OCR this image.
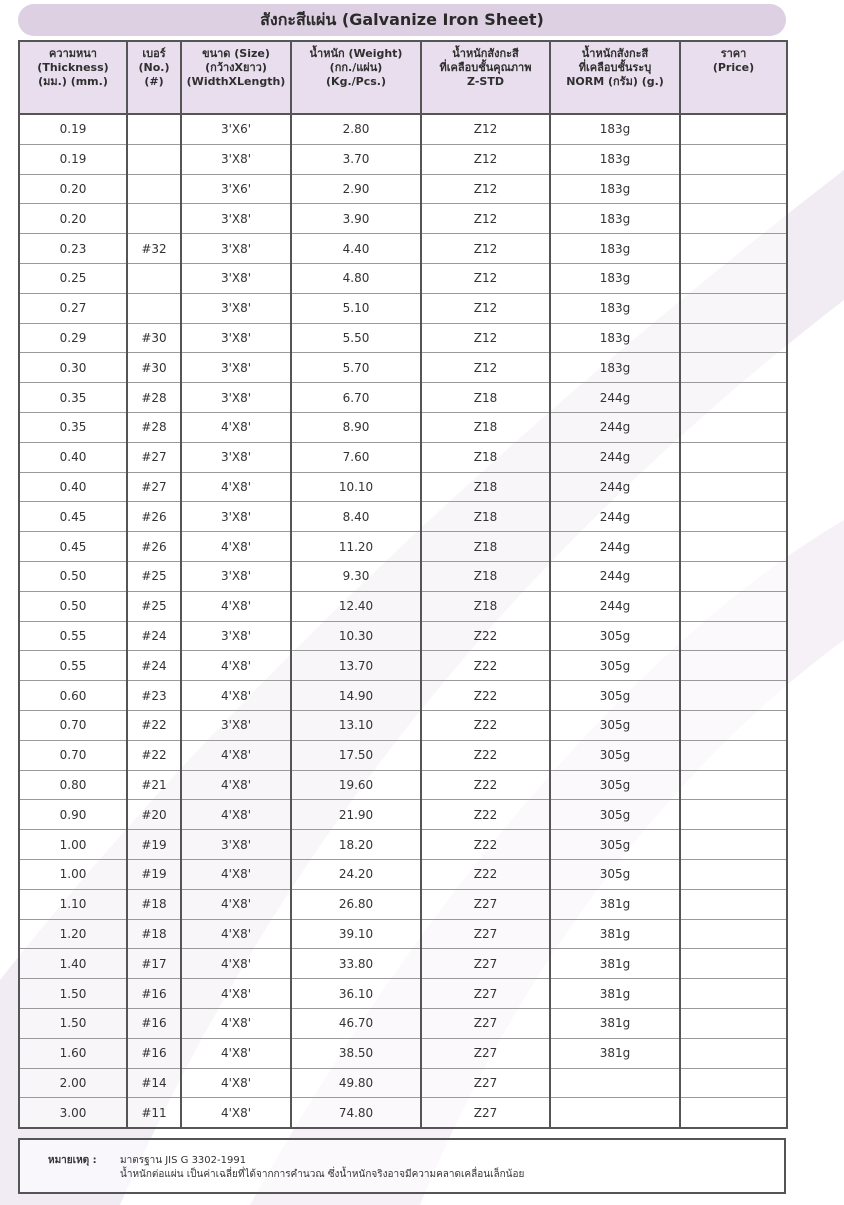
สังกะสีแผ่น (Galvanize Iron Sheet)
ความหนา
(Thickness)
(มม.) (mm.)	เบอร์
(No.)
(#)	ขนาด (Size)
(กว้างXยาว)
(WidthXLength)	น้ำหนัก (Weight)
(กก./แผ่น)
(Kg./Pcs.)	น้ำหนักสังกะสี
ที่เคลือบชั้นคุณภาพ
Z-STD	น้ำหนักสังกะสี
ที่เคลือบชั้นระบุ
NORM (กรัม) (g.)	ราคา
(Price)

0.19		3'X6'	2.80	Z12	183g	
0.19		3'X8'	3.70	Z12	183g	
0.20		3'X6'	2.90	Z12	183g	
0.20		3'X8'	3.90	Z12	183g	
0.23	#32	3'X8'	4.40	Z12	183g	
0.25		3'X8'	4.80	Z12	183g	
0.27		3'X8'	5.10	Z12	183g	
0.29	#30	3'X8'	5.50	Z12	183g	
0.30	#30	3'X8'	5.70	Z12	183g	
0.35	#28	3'X8'	6.70	Z18	244g	
0.35	#28	4'X8'	8.90	Z18	244g	
0.40	#27	3'X8'	7.60	Z18	244g	
0.40	#27	4'X8'	10.10	Z18	244g	
0.45	#26	3'X8'	8.40	Z18	244g	
0.45	#26	4'X8'	11.20	Z18	244g	
0.50	#25	3'X8'	9.30	Z18	244g	
0.50	#25	4'X8'	12.40	Z18	244g	
0.55	#24	3'X8'	10.30	Z22	305g	
0.55	#24	4'X8'	13.70	Z22	305g	
0.60	#23	4'X8'	14.90	Z22	305g	
0.70	#22	3'X8'	13.10	Z22	305g	
0.70	#22	4'X8'	17.50	Z22	305g	
0.80	#21	4'X8'	19.60	Z22	305g	
0.90	#20	4'X8'	21.90	Z22	305g	
1.00	#19	3'X8'	18.20	Z22	305g	
1.00	#19	4'X8'	24.20	Z22	305g	
1.10	#18	4'X8'	26.80	Z27	381g	
1.20	#18	4'X8'	39.10	Z27	381g	
1.40	#17	4'X8'	33.80	Z27	381g	
1.50	#16	4'X8'	36.10	Z27	381g	
1.50	#16	4'X8'	46.70	Z27	381g	
1.60	#16	4'X8'	38.50	Z27	381g	
2.00	#14	4'X8'	49.80	Z27		
3.00	#11	4'X8'	74.80	Z27		
หมายเหตุ : มาตรฐาน JIS G 3302-1991
น้ำหนักต่อแผ่น เป็นค่าเฉลี่ยที่ได้จากการคำนวณ ซึ่งน้ำหนักจริงอาจมีความคลาดเคลื่อนเล็กน้อย
